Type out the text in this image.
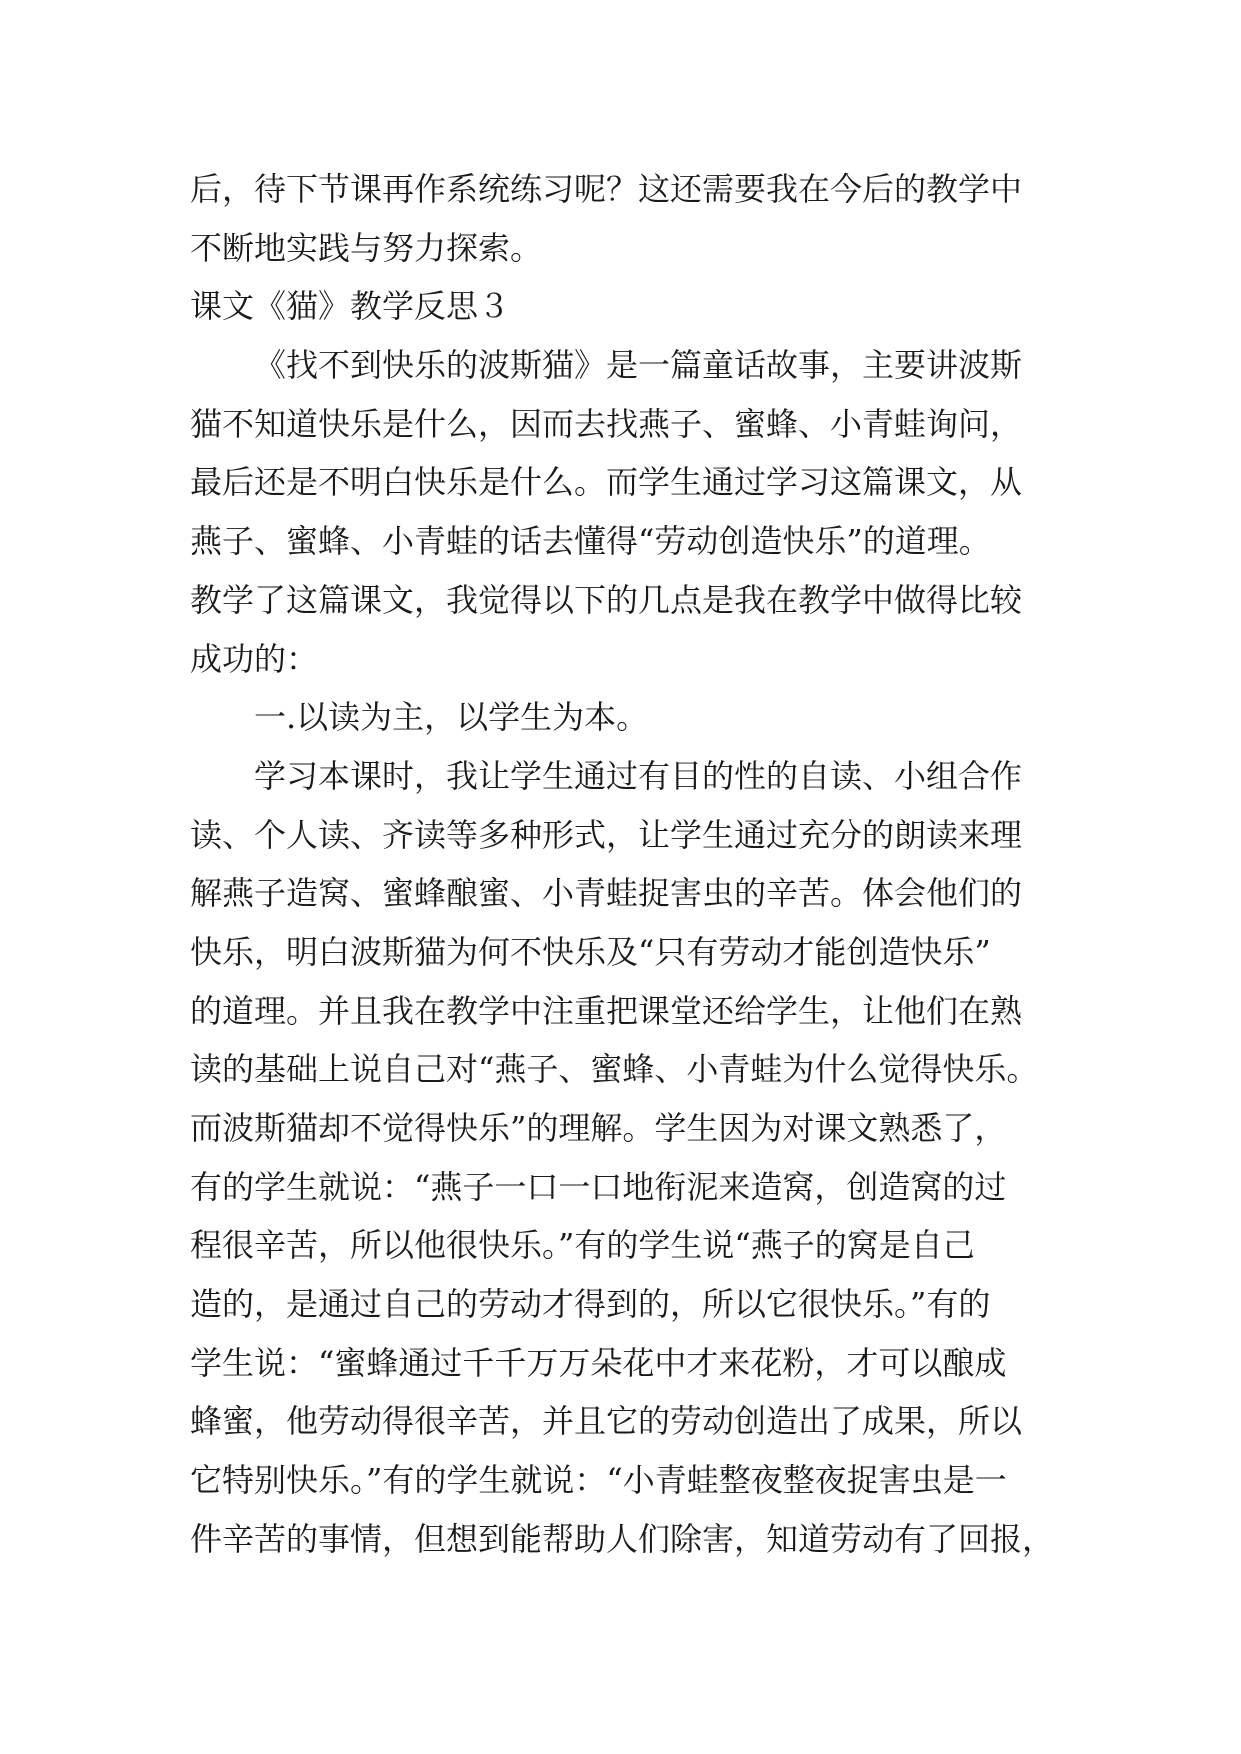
后，待下节课再作系统练习呢？这还需要我在今后的教学中
不断地实践与努力探索。
课文《猫》教学反思３
《找不到快乐的波斯猫》是一篇童话故事，主要讲波斯
猫不知道快乐是什么，因而去找燕子、蜜蜂、小青蛙询问，
最后还是不明白快乐是什么。而学生通过学习这篇课文，从
燕子、蜜蜂、小青蛙的话去懂得“劳动创造快乐”的道理。
教学了这篇课文，我觉得以下的几点是我在教学中做得比较
成功的：
一.以读为主，以学生为本。
学习本课时，我让学生通过有目的性的自读、小组合作
读、个人读、齐读等多种形式，让学生通过充分的朗读来理
解燕子造窝、蜜蜂酿蜜、小青蛙捉害虫的辛苦。体会他们的
快乐，明白波斯猫为何不快乐及“只有劳动才能创造快乐”
的道理。并且我在教学中注重把课堂还给学生，让他们在熟
读的基础上说自己对“燕子、蜜蜂、小青蛙为什么觉得快乐。
而波斯猫却不觉得快乐”的理解。学生因为对课文熟悉了，
有的学生就说：“燕子一口一口地衔泥来造窝，创造窝的过
程很辛苦，所以他很快乐。”有的学生说“燕子的窝是自己
造的，是通过自己的劳动才得到的，所以它很快乐。”有的
学生说：“蜜蜂通过千千万万朵花中才来花粉，才可以酿成
蜂蜜，他劳动得很辛苦，并且它的劳动创造出了成果，所以
它特别快乐。”有的学生就说：“小青蛙整夜整夜捉害虫是一
件辛苦的事情，但想到能帮助人们除害，知道劳动有了回报，
